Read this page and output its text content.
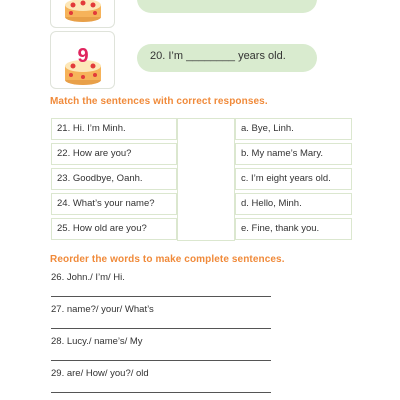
9	20. I’m ________ years old.
Match the sentences with correct responses.
21. Hi. I’m Minh.
22. How are you?
23. Goodbye, Oanh.
24. What’s your name?
25. How old are you?
a. Bye, Linh.
b. My name’s Mary.
c. I’m eight years old.
d. Hello, Minh.
e. Fine, thank you.
Reorder the words to make complete sentences.
26. John./ I’m/ Hi.
27. name?/ your/ What’s
28. Lucy./ name’s/ My
29. are/ How/ you?/ old
